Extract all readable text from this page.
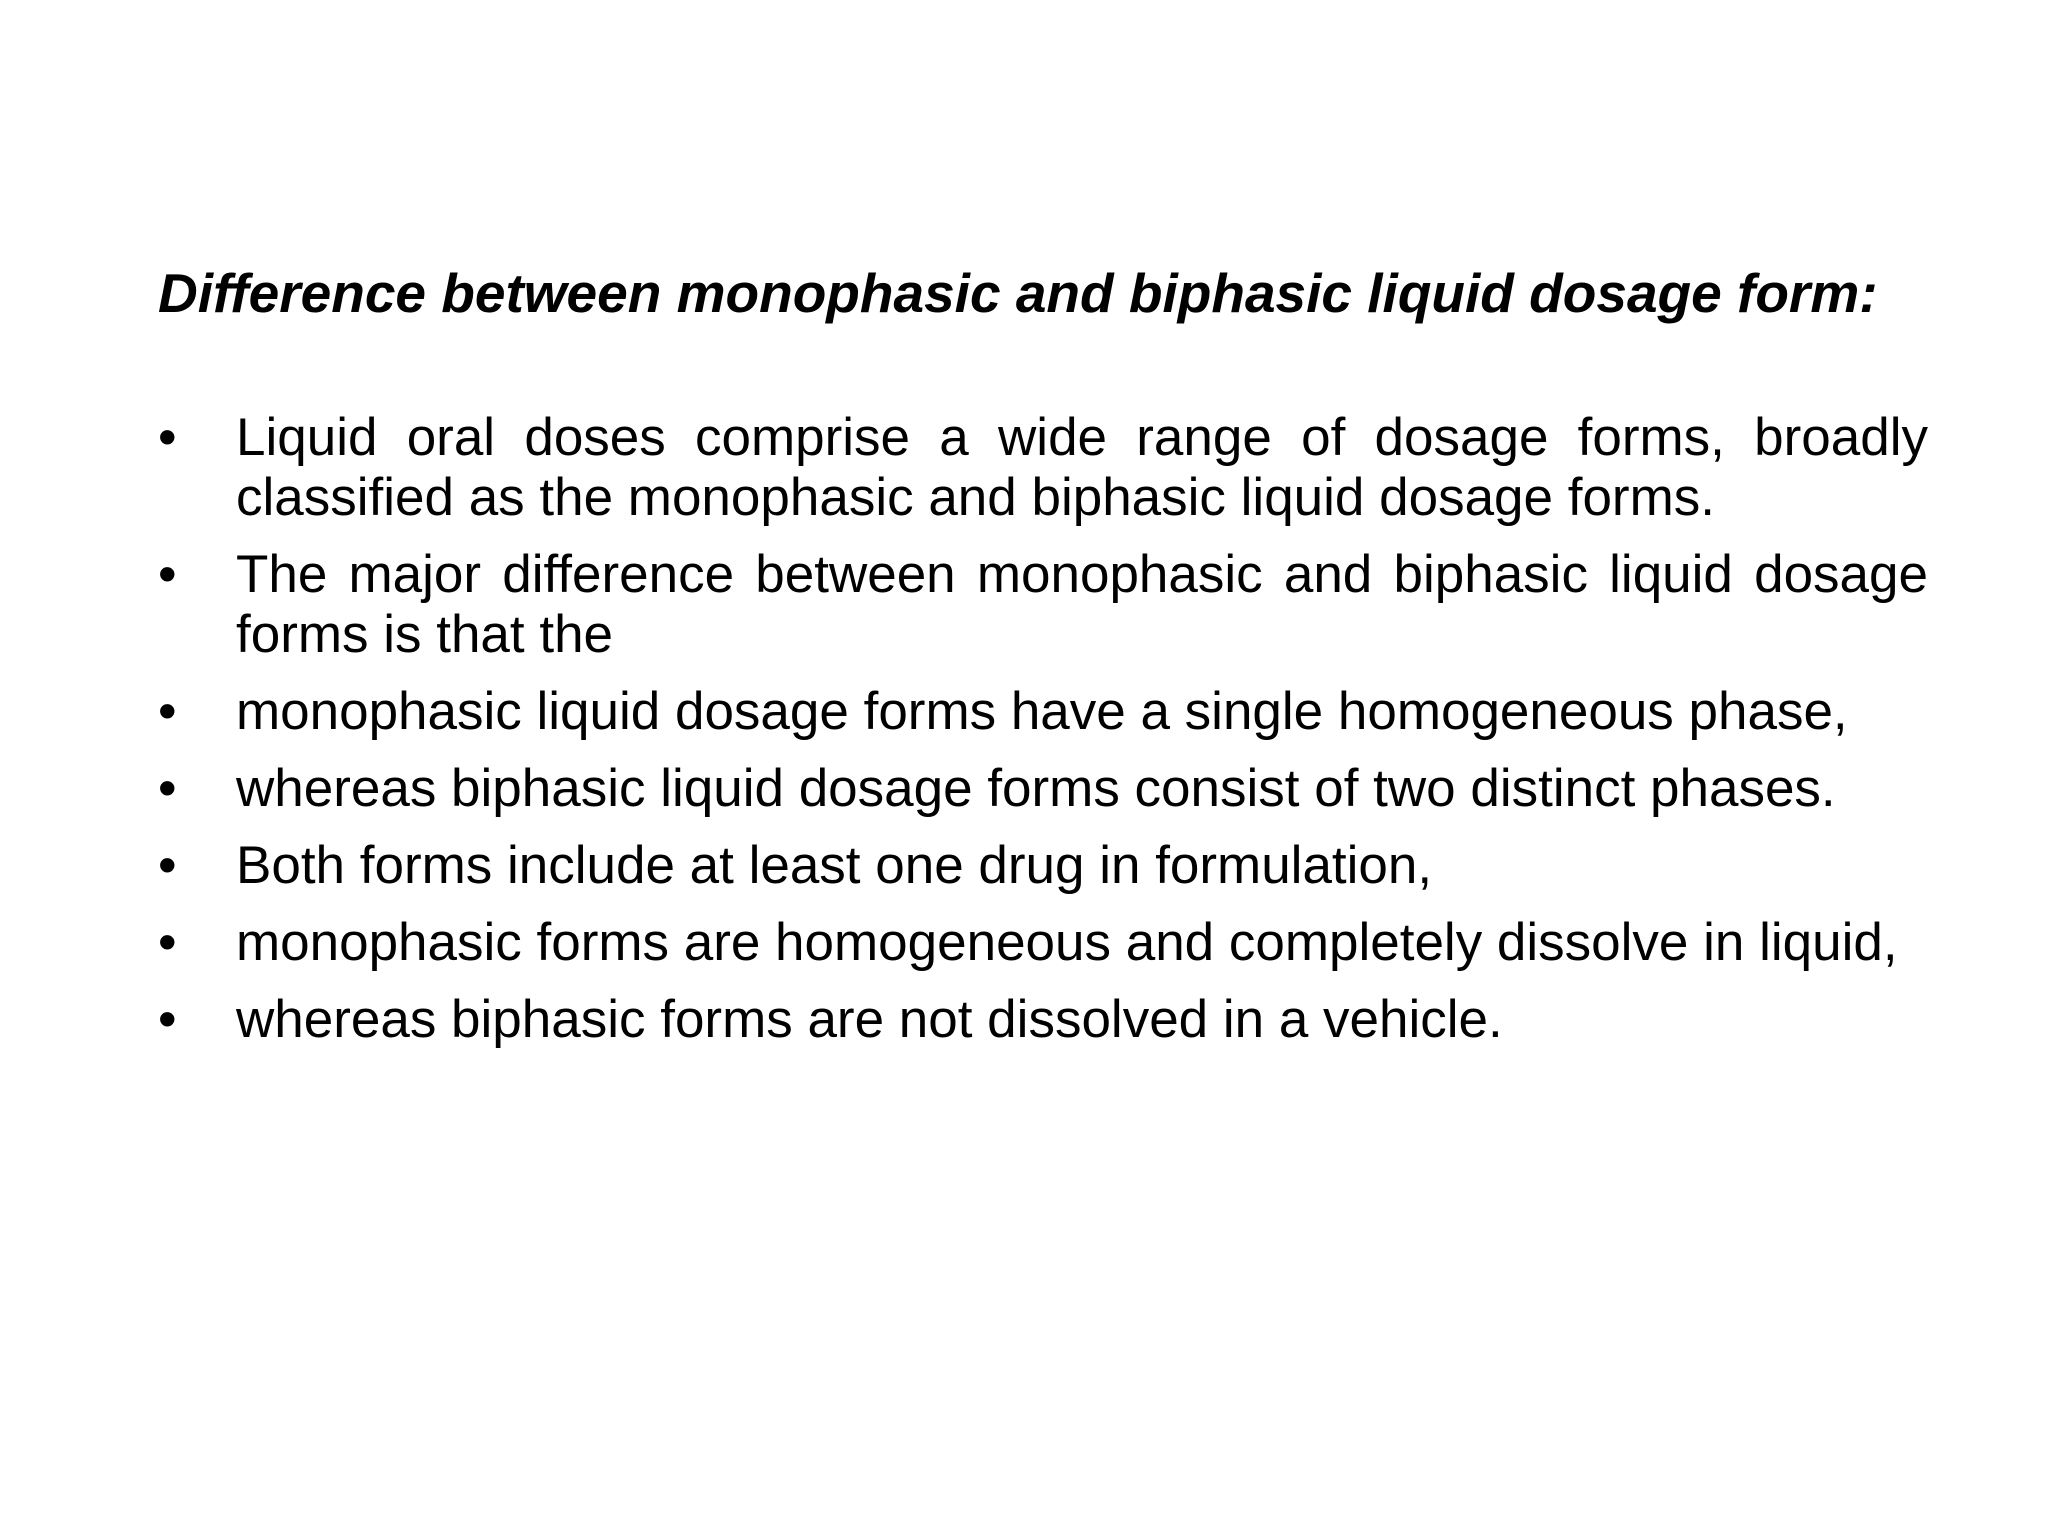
Difference between monophasic and biphasic liquid dosage form:
• Liquid oral doses comprise a wide range of dosage forms, broadly classified as the monophasic and biphasic liquid dosage forms.
• The major difference between monophasic and biphasic liquid dosage forms is that the
• monophasic liquid dosage forms have a single homogeneous phase,
• whereas biphasic liquid dosage forms consist of two distinct phases.
• Both forms include at least one drug in formulation,
• monophasic forms are homogeneous and completely dissolve in liquid,
• whereas biphasic forms are not dissolved in a vehicle.
